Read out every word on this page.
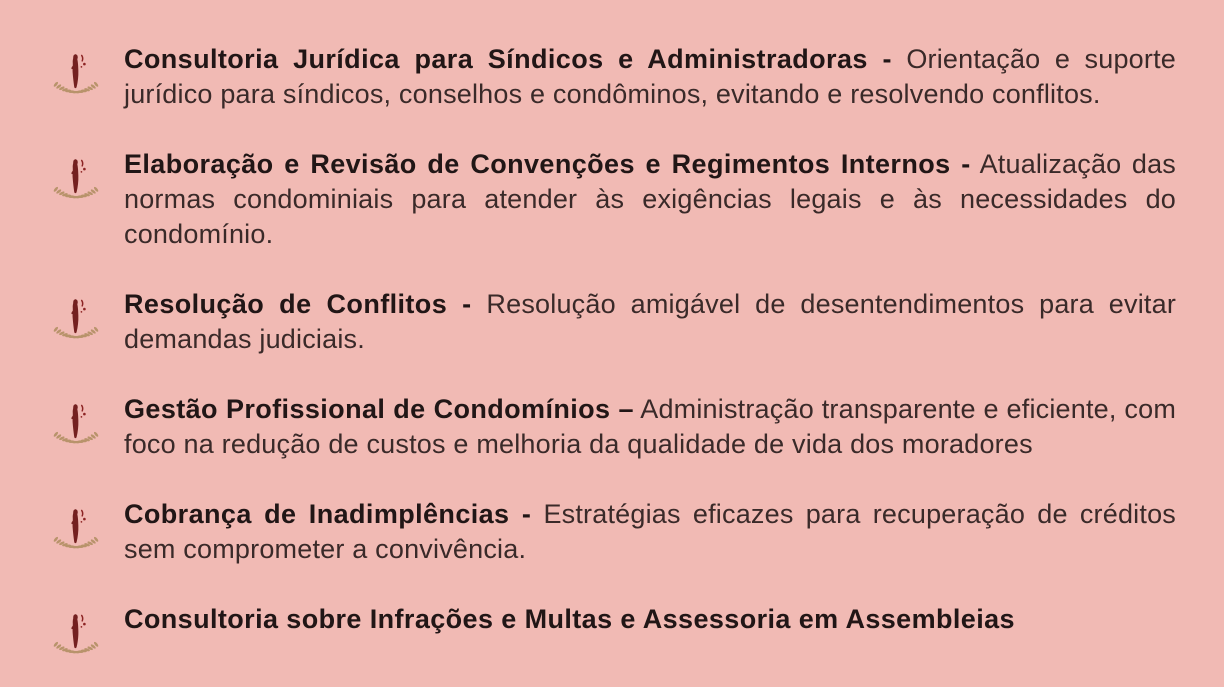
Consultoria Jurídica para Síndicos e Administradoras - Orientação e suporte jurídico para síndicos, conselhos e condôminos, evitando e resolvendo conflitos.

Elaboração e Revisão de Convenções e Regimentos Internos - Atualização das normas condominiais para atender às exigências legais e às necessidades do condomínio.

Resolução de Conflitos - Resolução amigável de desentendimentos para evitar demandas judiciais.

Gestão Profissional de Condomínios – Administração transparente e eficiente, com foco na redução de custos e melhoria da qualidade de vida dos moradores

Cobrança de Inadimplências - Estratégias eficazes para recuperação de créditos sem comprometer a convivência.

Consultoria sobre Infrações e Multas e Assessoria em Assembleias
